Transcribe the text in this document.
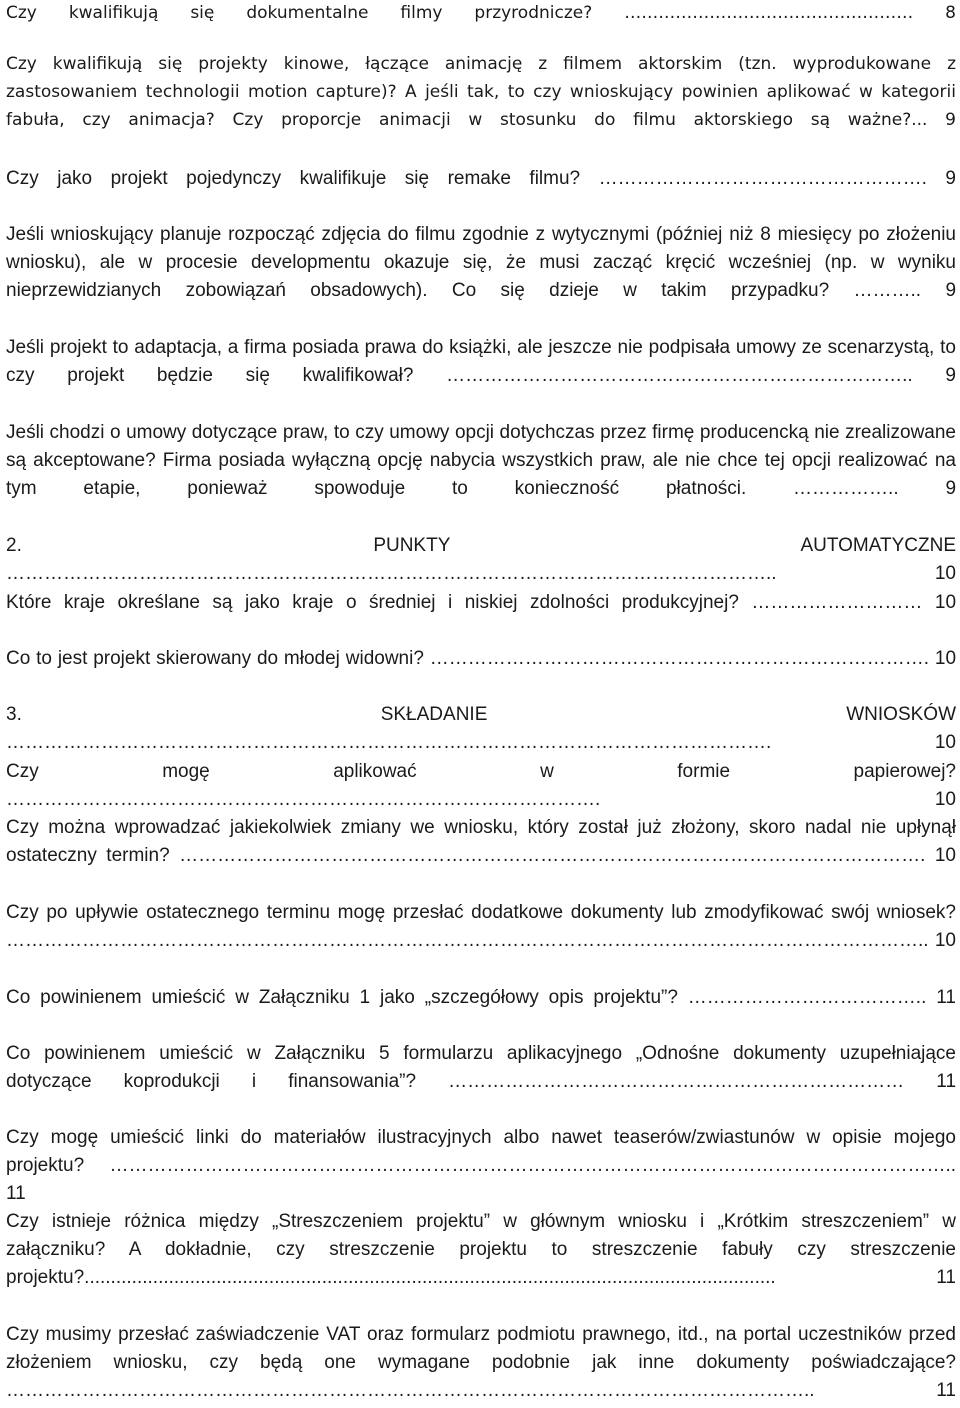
Czy kwalifikują się dokumentalne filmy przyrodnicze? …………………………………………… 8
Czy kwalifikują się projekty kinowe, łączące animację z filmem aktorskim (tzn. wyprodukowane z zastosowaniem technologii motion capture)? A jeśli tak, to czy wnioskujący powinien aplikować w kategorii fabuła, czy animacja? Czy proporcje animacji w stosunku do filmu aktorskiego są ważne?... 9
Czy jako projekt pojedynczy kwalifikuje się remake filmu? ……………………………………………. 9
Jeśli wnioskujący planuje rozpocząć zdjęcia do filmu zgodnie z wytycznymi (później niż 8 miesięcy po złożeniu wniosku), ale w procesie developmentu okazuje się, że musi zacząć kręcić wcześniej (np. w wyniku nieprzewidzianych zobowiązań obsadowych). Co się dzieje w takim przypadku? ……….. 9
Jeśli projekt to adaptacja, a firma posiada prawa do książki, ale jeszcze nie podpisała umowy ze scenarzystą, to czy projekt będzie się kwalifikował? ……………………………………………………………….. 9
Jeśli chodzi o umowy dotyczące praw, to czy umowy opcji dotychczas przez firmę producencką nie zrealizowane są akceptowane? Firma posiada wyłączną opcję nabycia wszystkich praw, ale nie chce tej opcji realizować na tym etapie, ponieważ spowoduje to konieczność płatności. …………….. 9
2. PUNKTY AUTOMATYCZNE …………………………………………………………………………………………………………..	10
Które kraje określane są jako kraje o średniej i niskiej zdolności produkcyjnej? ……………………… 10
Co to jest projekt skierowany do młodej widowni? ……………………………………………………………………. 10
3. SKŁADANIE WNIOSKÓW ………………………………………………………………………………………………………….	10
Czy mogę aplikować w formie papierowej? ………………………………………………………………………………….	10
Czy można wprowadzać jakiekolwiek zmiany we wniosku, który został już złożony, skoro nadal nie upłynął ostateczny termin? ………………………………………………………………………………………………………. 10
Czy po upływie ostatecznego terminu mogę przesłać dodatkowe dokumenty lub zmodyfikować swój wniosek? ……………………………………………………………………………………………………………………………….. 10
Co powinienem umieścić w Załączniku 1 jako „szczegółowy opis projektu”? ……………………………….. 11
Co powinienem umieścić w Załączniku 5 formularzu aplikacyjnego „Odnośne dokumenty uzupełniające dotyczące koprodukcji i finansowania”? ……………………………………………………………… 11
Czy mogę umieścić linki do materiałów ilustracyjnych albo nawet teaserów/zwiastunów w opisie mojego projektu? …………………………………………………………………………………………………………………….. 11
Czy istnieje różnica między „Streszczeniem projektu” w głównym wniosku i „Krótkim streszczeniem” w załączniku? A dokładnie, czy streszczenie projektu to streszczenie fabuły czy streszczenie projektu?...................................................................................................................................	11
Czy musimy przesłać zaświadczenie VAT oraz formularz podmiotu prawnego, itd., na portal uczestników przed złożeniem wniosku, czy będą one wymagane podobnie jak inne dokumenty poświadczające? ………………………………………………………………………………………………………………..	11
